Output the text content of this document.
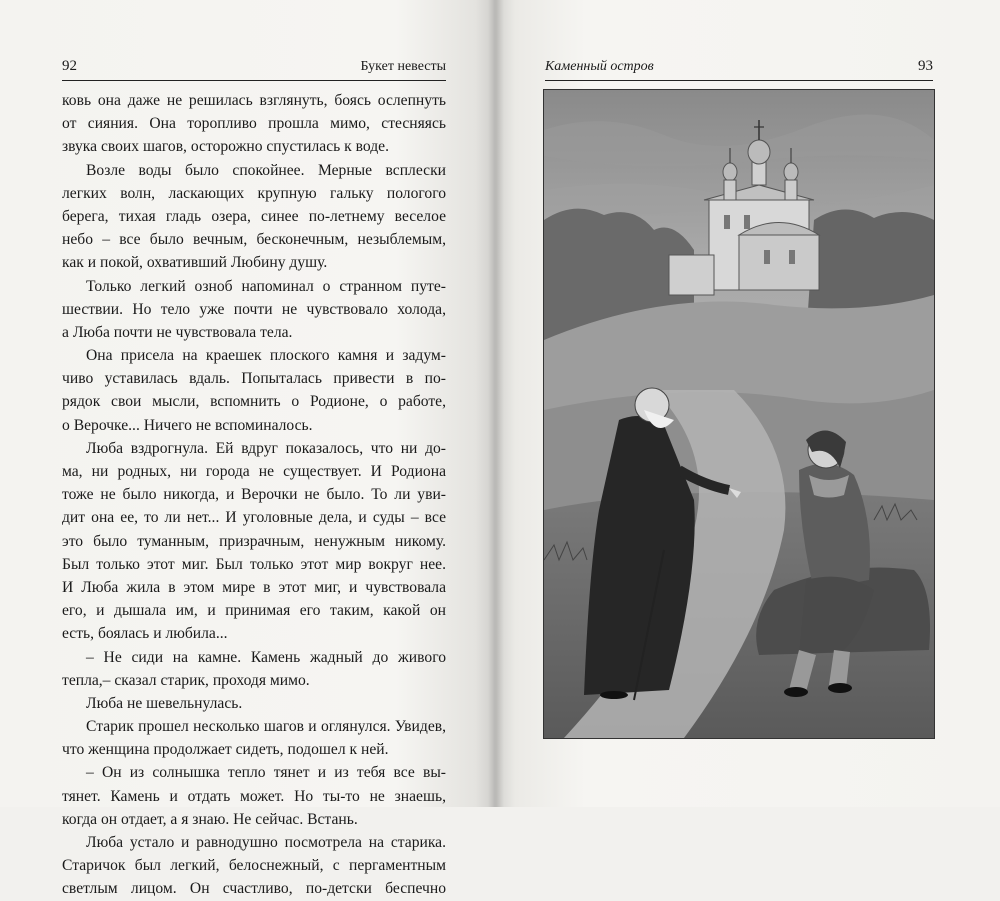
92	Букет невесты	Каменный остров	93
ковь она даже не решилась взглянуть, боясь ослепнуть
от сияния. Она торопливо прошла мимо, стесняясь
звука своих шагов, осторожно спустилась к воде.
Возле воды было спокойнее. Мерные всплески
легких волн, ласкающих крупную гальку пологого
берега, тихая гладь озера, синее по-летнему веселое
небо – все было вечным, бесконечным, незыблемым,
как и покой, охвативший Любину душу.
Только легкий озноб напоминал о странном путе-
шествии. Но тело уже почти не чувствовало холода,
а Люба почти не чувствовала тела.
Она присела на краешек плоского камня и задум-
чиво уставилась вдаль. Попыталась привести в по-
рядок свои мысли, вспомнить о Родионе, о работе,
о Верочке... Ничего не вспоминалось.
Люба вздрогнула. Ей вдруг показалось, что ни до-
ма, ни родных, ни города не существует. И Родиона
тоже не было никогда, и Верочки не было. То ли уви-
дит она ее, то ли нет... И уголовные дела, и суды – все
это было туманным, призрачным, ненужным никому.
Был только этот миг. Был только этот мир вокруг нее.
И Люба жила в этом мире в этот миг, и чувствовала
его, и дышала им, и принимая его таким, какой он
есть, боялась и любила...
– Не сиди на камне. Камень жадный до живого
тепла,– сказал старик, проходя мимо.
Люба не шевельнулась.
Старик прошел несколько шагов и оглянулся. Увидев,
что женщина продолжает сидеть, подошел к ней.
– Он из солнышка тепло тянет и из тебя все вы-
тянет. Камень и отдать может. Но ты-то не знаешь,
когда он отдает, а я знаю. Не сейчас. Встань.
Люба устало и равнодушно посмотрела на старика.
Старичок был легкий, белоснежный, с пергаментным
светлым лицом. Он счастливо, по-детски беспечно
